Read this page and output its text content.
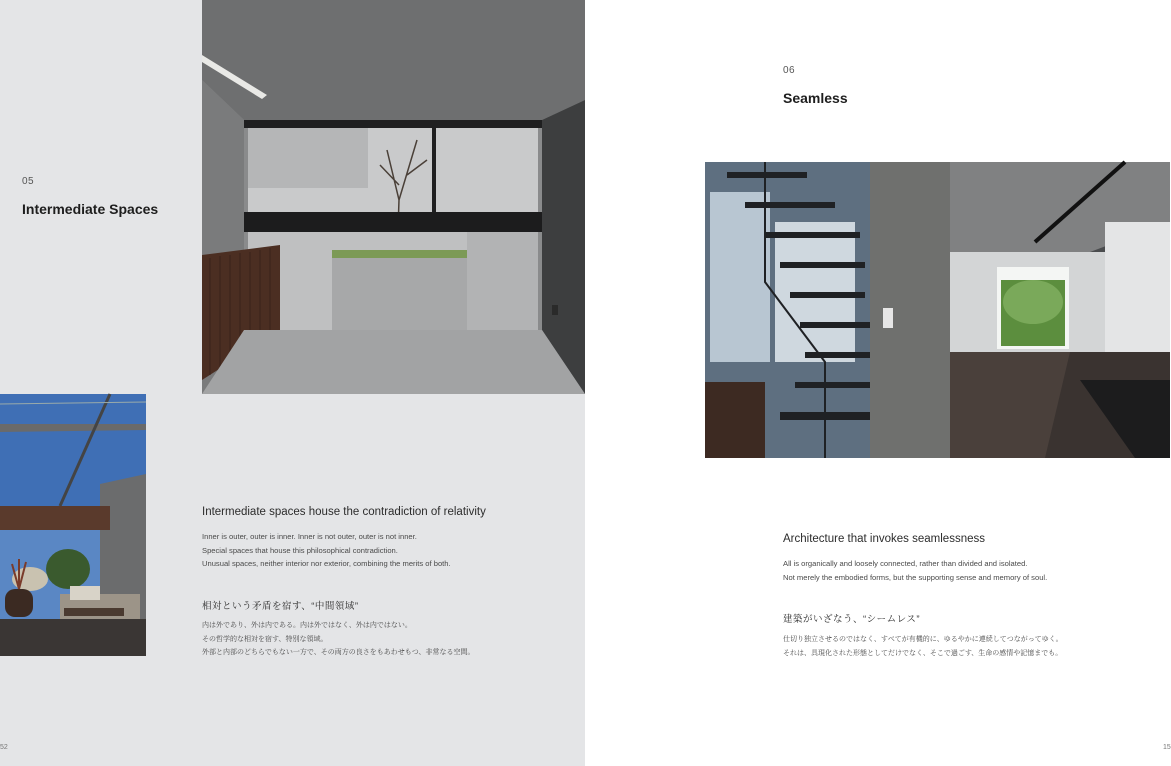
05
Intermediate Spaces
Intermediate spaces house the contradiction of relativity
Inner is outer, outer is inner. Inner is not outer, outer is not inner.
Special spaces that house this philosophical contradiction.
Unusual spaces, neither interior nor exterior, combining the merits of both.
相対という矛盾を宿す、“中間領域”
内は外であり、外は内である。内は外ではなく、外は内ではない。
その哲学的な相対を宿す、特別な領域。
外部と内部のどちらでもない一方で、その両方の良さをもあわせもつ、非常なる空間。
52
06
Seamless
Architecture that invokes seamlessness
All is organically and loosely connected, rather than divided and isolated.
Not merely the embodied forms, but the supporting sense and memory of soul.
建築がいざなう、“シームレス”
仕切り独立させるのではなく、すべてが有機的に、ゆるやかに連続してつながってゆく。
それは、具現化された形態としてだけでなく、そこで過ごす、生命の感情や記憶までも。
15
